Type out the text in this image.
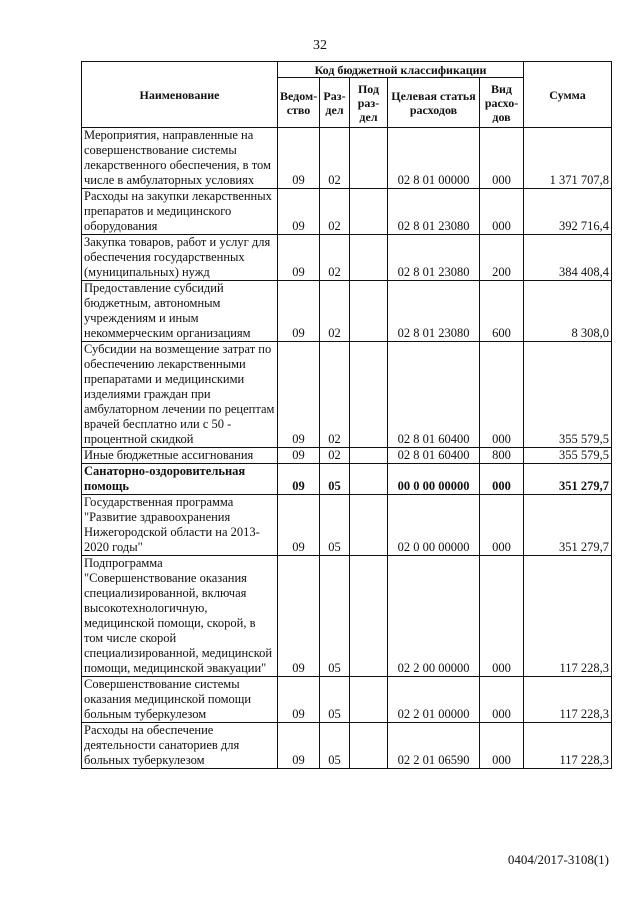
32
Наименование	Код бюджетной классификации					Сумма
	Ведом-ство	Раз-дел	Под раз-дел	Целевая статья расходов	Вид расхо-дов	
Мероприятия, направленные на совершенствование системы лекарственного обеспечения, в том числе в амбулаторных условиях	09	02		02 8 01 00000	000	1 371 707,8
Расходы на закупки лекарственных препаратов и медицинского оборудования	09	02		02 8 01 23080	000	392 716,4
Закупка товаров, работ и услуг для обеспечения государственных (муниципальных) нужд	09	02		02 8 01 23080	200	384 408,4
Предоставление субсидий бюджетным, автономным учреждениям и иным некоммерческим организациям	09	02		02 8 01 23080	600	8 308,0
Субсидии на возмещение затрат по обеспечению лекарственными препаратами и медицинскими изделиями граждан при амбулаторном лечении по рецептам врачей бесплатно или с 50 - процентной скидкой	09	02		02 8 01 60400	000	355 579,5
Иные бюджетные ассигнования	09	02		02 8 01 60400	800	355 579,5
Санаторно-оздоровительная помощь	09	05		00 0 00 00000	000	351 279,7
Государственная программа "Развитие здравоохранения Нижегородской области на 2013-2020 годы"	09	05		02 0 00 00000	000	351 279,7
Подпрограмма "Совершенствование оказания специализированной, включая высокотехнологичную, медицинской помощи, скорой, в том числе скорой специализированной, медицинской помощи, медицинской эвакуации"	09	05		02 2 00 00000	000	117 228,3
Совершенствование системы оказания медицинской помощи больным туберкулезом	09	05		02 2 01 00000	000	117 228,3
Расходы на обеспечение деятельности санаториев для больных туберкулезом	09	05		02 2 01 06590	000	117 228,3
0404/2017-3108(1)
